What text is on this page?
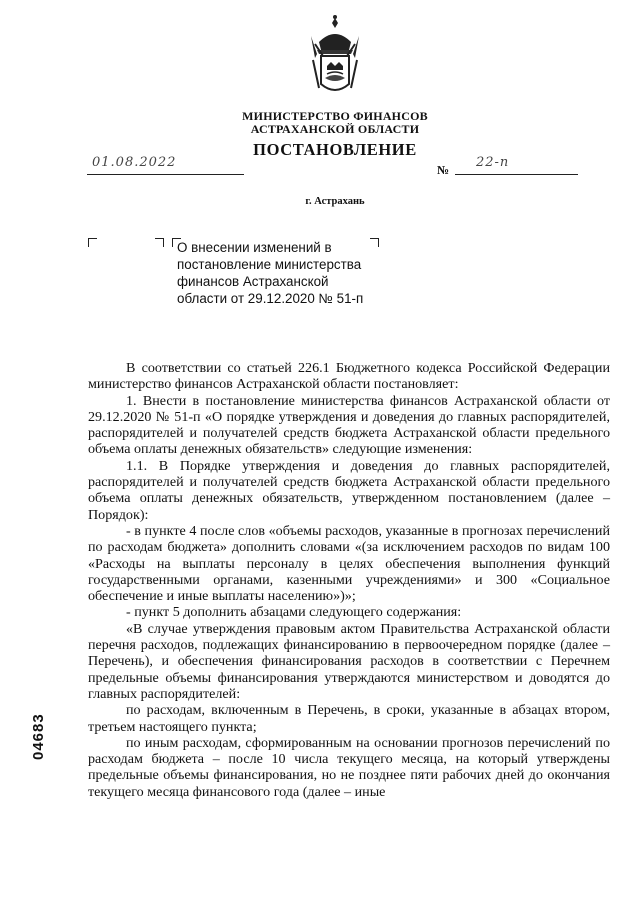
МИНИСТЕРСТВО ФИНАНСОВ
АСТРАХАНСКОЙ ОБЛАСТИ
ПОСТАНОВЛЕНИЕ
01.08.2022	№ 22-п
г. Астрахань
О внесении изменений в постановление министерства финансов Астраханской области от 29.12.2020 № 51-п

В соответствии со статьей 226.1 Бюджетного кодекса Российской Федерации министерство финансов Астраханской области постановляет:

1. Внести в постановление министерства финансов Астраханской области от 29.12.2020 № 51-п «О порядке утверждения и доведения до главных распорядителей, распорядителей и получателей средств бюджета Астраханской области предельного объема оплаты денежных обязательств» следующие изменения:

1.1. В Порядке утверждения и доведения до главных распорядителей, распорядителей и получателей средств бюджета Астраханской области предельного объема оплаты денежных обязательств, утвержденном постановлением (далее – Порядок):

- в пункте 4 после слов «объемы расходов, указанные в прогнозах перечислений по расходам бюджета» дополнить словами «(за исключением расходов по видам 100 «Расходы на выплаты персоналу в целях обеспечения выполнения функций государственными органами, казенными учреждениями» и 300 «Социальное обеспечение и иные выплаты населению»)»;

- пункт 5 дополнить абзацами следующего содержания:

«В случае утверждения правовым актом Правительства Астраханской области перечня расходов, подлежащих финансированию в первоочередном порядке (далее – Перечень), и обеспечения финансирования расходов в соответствии с Перечнем предельные объемы финансирования утверждаются министерством и доводятся до главных распорядителей:

по расходам, включенным в Перечень, в сроки, указанные в абзацах втором, третьем настоящего пункта;

по иным расходам, сформированным на основании прогнозов перечислений по расходам бюджета – после 10 числа текущего месяца, на который утверждены предельные объемы финансирования, но не позднее пяти рабочих дней до окончания текущего месяца финансового года (далее – иные

04683
